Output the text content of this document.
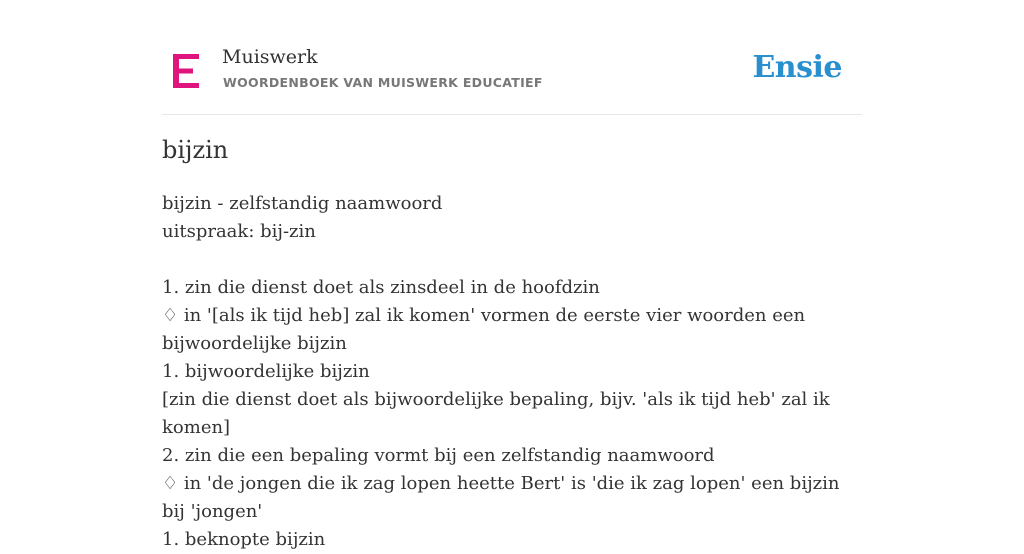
Muiswerk
WOORDENBOEK VAN MUISWERK EDUCATIEF	Ensie
bijzin
bijzin - zelfstandig naamwoord
uitspraak: bij-zin
1. zin die dienst doet als zinsdeel in de hoofdzin
♢ in '[als ik tijd heb] zal ik komen' vormen de eerste vier woorden een bijwoordelijke bijzin
1. bijwoordelijke bijzin
[zin die dienst doet als bijwoordelijke bepaling, bijv. 'als ik tijd heb' zal ik komen]
2. zin die een bepaling vormt bij een zelfstandig naamwoord
♢ in 'de jongen die ik zag lopen heette Bert' is 'die ik zag lopen' een bijzin bij 'jongen'
1. beknopte bijzin
